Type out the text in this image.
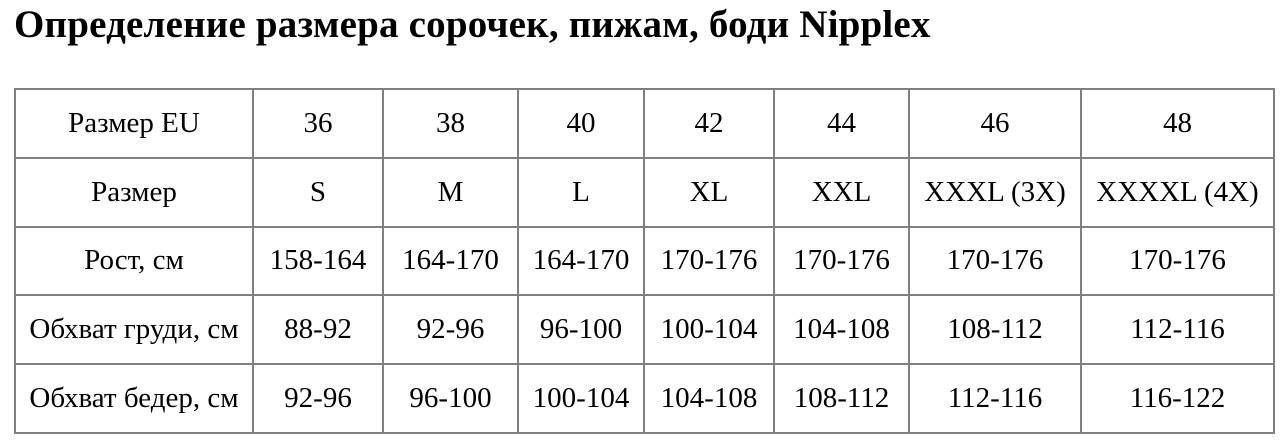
Определение размера сорочек, пижам, боди Nipplex
Размер EU	36	38	40	42	44	46	48
Размер	S	M	L	XL	XXL	XXXL (3X)	XXXXL (4X)
Рост, см	158-164	164-170	164-170	170-176	170-176	170-176	170-176
Обхват груди, см	88-92	92-96	96-100	100-104	104-108	108-112	112-116
Обхват бедер, см	92-96	96-100	100-104	104-108	108-112	112-116	116-122
